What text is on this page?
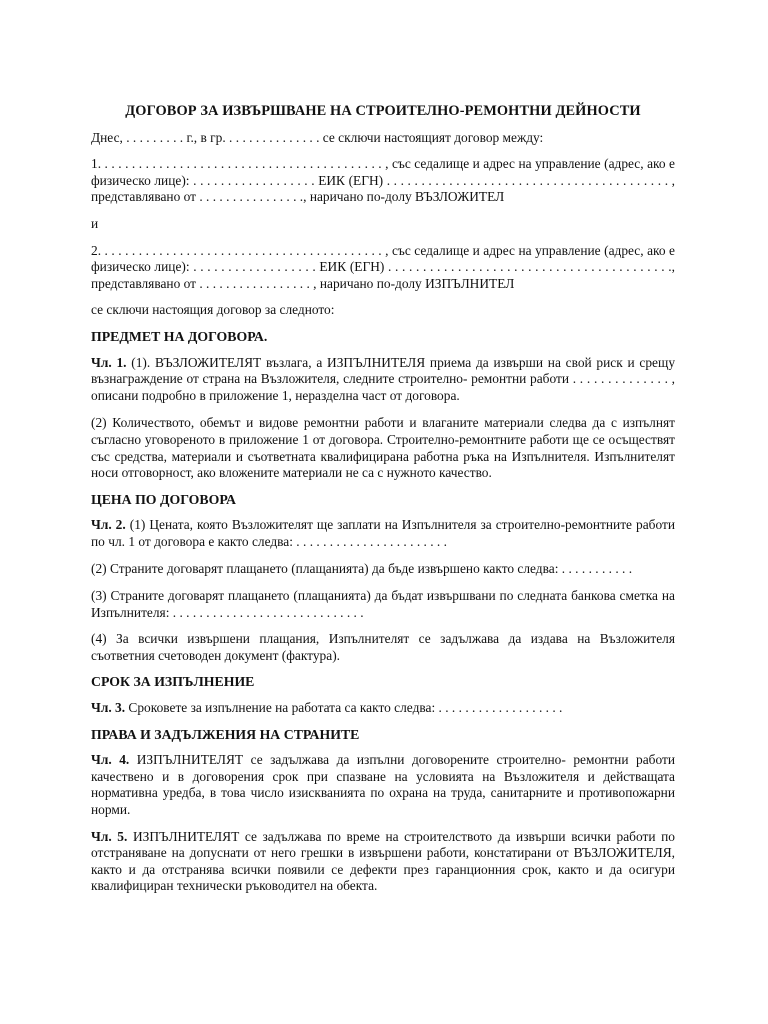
ДОГОВОР ЗА ИЗВЪРШВАНЕ НА СТРОИТЕЛНО-РЕМОНТНИ ДЕЙНОСТИ

Днес, . . . . . . . . . г., в гр. . . . . . . . . . . . . . . се сключи настоящият договор между:

1. . . . . . . . . . . . . . . . . . . . . . . . . . . . . . . . . . . . . . . . . . , със седалище и адрес на управление (адрес, ако е физическо лице): . . . . . . . . . . . . . . . . . . ЕИК (ЕГН) . . . . . . . . . . . . . . . . . . . . . . . . . . . . . . . . . . . . . . . . . , представлявано от . . . . . . . . . . . . . . . ., наричано по-долу ВЪЗЛОЖИТЕЛ

и

2. . . . . . . . . . . . . . . . . . . . . . . . . . . . . . . . . . . . . . . . . . , със седалище и адрес на управление (адрес, ако е физическо лице): . . . . . . . . . . . . . . . . . . ЕИК (ЕГН) . . . . . . . . . . . . . . . . . . . . . . . . . . . . . . . . . . . . . . . . ., представлявано от . . . . . . . . . . . . . . . . . , наричано по-долу ИЗПЪЛНИТЕЛ

се сключи настоящия договор за следното:

ПРЕДМЕТ НА ДОГОВОРА.

Чл. 1. (1). ВЪЗЛОЖИТЕЛЯТ възлага, а ИЗПЪЛНИТЕЛЯ приема да извърши на свой риск и срещу възнаграждение от страна на Възложителя, следните строително- ремонтни работи . . . . . . . . . . . . . . , описани подробно в приложение 1, неразделна част от договора.

(2) Количеството, обемът и видове ремонтни работи и влаганите материали следва да с изпълнят съгласно уговореното в приложение 1 от договора. Строително-ремонтните работи ще се осъществят със средства, материали и съответната квалифицирана работна ръка на Изпълнителя. Изпълнителят носи отговорност, ако вложените материали не са с нужното качество.

ЦЕНА ПО ДОГОВОРА

Чл. 2. (1) Цената, която Възложителят ще заплати на Изпълнителя за строително-ремонтните работи по чл. 1 от договора е както следва: . . . . . . . . . . . . . . . . . . . . . . .

(2) Страните договарят плащането (плащанията) да бъде извършено както следва: . . . . . . . . . . .

(3) Страните договарят плащането (плащанията) да бъдат извършвани по следната банкова сметка на Изпълнителя: . . . . . . . . . . . . . . . . . . . . . . . . . . . . .

(4) За всички извършени плащания, Изпълнителят се задължава да издава на Възложителя съответния счетоводен документ (фактура).

СРОК ЗА ИЗПЪЛНЕНИЕ

Чл. 3. Сроковете за изпълнение на работата са както следва: . . . . . . . . . . . . . . . . . . .

ПРАВА И ЗАДЪЛЖЕНИЯ НА СТРАНИТЕ

Чл. 4. ИЗПЪЛНИТЕЛЯТ се задължава да изпълни договорените строително- ремонтни работи качествено и в договорения срок при спазване на условията на Възложителя и действащата нормативна уредба, в това число изискванията по охрана на труда, санитарните и противопожарни норми.

Чл. 5. ИЗПЪЛНИТЕЛЯТ се задължава по време на строителството да извърши всички работи по отстраняване на допуснати от него грешки в извършени работи, констатирани от ВЪЗЛОЖИТЕЛЯ, както и да отстранява всички появили се дефекти през гаранционния срок, както и да осигури квалифициран технически ръководител на обекта.
